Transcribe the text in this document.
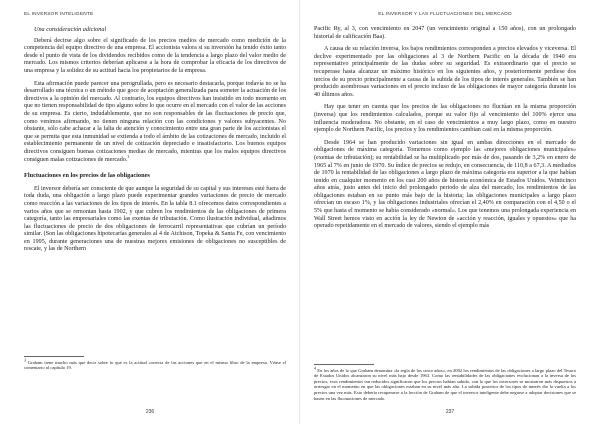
EL INVERSOR INTELIGENTE
Una consideración adicional

Deberá decirse algo sobre el significado de los precios medios de mercado como medición de la competencia del equipo directivo de una empresa. El accionista valora si su inversión ha tenido éxito tanto desde el punto de vista de los dividendos recibidos como de la tendencia a largo plazo del valor medio de mercado. Los mismos criterios deberían aplicarse a la hora de comprobar la eficacia de los directivos de una empresa y la solidez de su actitud hacia los propietarios de la empresa.

Esta afirmación puede parecer una perogrullada, pero es necesario destacarla, porque todavía no se ha desarrollado una técnica o un método que goce de aceptación generalizada para someter la actuación de los directivos a la opinión del mercado. Al contrario, los equipos directivos han insistido en todo momento en que no tienen responsabilidad de tipo alguno sobre lo que ocurre en el mercado con el valor de las acciones de su empresa. Es cierto, indudablemente, que no son responsables de las fluctuaciones de precio que, como venimos afirmando, no tienen ninguna relación con las condiciones y valores subyacentes. No obstante, sólo cabe achacar a la falta de atención y conocimiento entre una gran parte de los accionistas el que se permita que esta inmunidad se extienda a todo el ámbito de las cotizaciones de mercado, incluido el establecimiento permanente de un nivel de cotización depreciado e insatisfactorio. Los buenos equipos directivos consiguen buenas cotizaciones medias de mercado, mientras que los malos equipos directivos consiguen malas cotizaciones de mercado.$^3$

Fluctuaciones en los precios de las obligaciones

El inversor debería ser consciente de que aunque la seguridad de su capital y sus intereses esté fuera de toda duda, una obligación a largo plazo puede experimentar grandes variaciones de precio de mercado como reacción a las variaciones de los tipos de interés. En la tabla 8.1 ofrecemos datos correspondientes a varios años que se remontan hasta 1902, y que cubren los rendimientos de las obligaciones de primera categoría, tanto las empresariales como las exentas de tributación. Como ilustración individual, añadimos las fluctuaciones de precio de dos obligaciones de ferrocarril representativas que cubrían un período similar. (Son las obligaciones hipotecarias generales al 4 de Atchison, Topeka & Santa Fe, con vencimiento en 1995, durante generaciones una de nuestras mejores emisiones de obligaciones no susceptibles de rescate, y las de Northern

$^3$ Graham tiene mucho más que decir sobre lo que es la actitud correcta de las acciones que en el mismo libro de la empresa. Véase el comentario al capítulo 19.
236
EL INVERSOR Y LAS FLUCTUACIONES DEL MERCADO

Pacific Ry, al 3, con vencimiento en 2047 (un vencimiento original a 150 años), con un prolongado historial de calificación Baa).

A causa de su relación inversa, los bajos rendimientos corresponden a precios elevados y viceversa. El declive experimentado por las obligaciones al 3 de Northern Pacific en la década de 1940 era representativo principalmente de las dudas sobre su seguridad. Es extraordinario que el precio se recuperase hasta alcanzar un máximo histórico en los siguientes años, y posteriormente perdiese dos tercios de su precio principalmente a causa de la subida de los tipos de interés generales. También se han producido asombrosas variaciones en el precio incluso de las obligaciones de mayor categoría durante los 40 últimos años.

Hay que tener en cuenta que los precios de las obligaciones no fluctúan en la misma proporción (inversa) que los rendimientos calculados, porque su valor fijo al vencimiento del 100% ejerce una influencia moderadora. No obstante, en el caso de vencimientos a muy largo plazo, como en nuestro ejemplo de Northern Pacific, los precios y los rendimientos cambian casi en la misma proporción.

Desde 1964 se han producido variaciones sin igual en ambas direcciones en el mercado de obligaciones de máxima categoría. Tomemos como ejemplo las «mejores obligaciones municipales» (exentas de tributación); su rentabilidad se ha multiplicado por más de dos, pasando de 3,2% en enero de 1965 al 7% en junio de 1970. Su índice de precios se redujo, en consecuencia, de 110,8 a 67,3. A mediados de 1970 la rentabilidad de las obligaciones a largo plazo de máxima categoría era superior a la que habían tenido en cualquier momento en los casi 200 años de historia económica de Estados Unidos. Veinticinco años atrás, justo antes del inicio del prolongado periodo de alza del mercado, los rendimientos de las obligaciones estaban en su punto más bajo de la historia; las obligaciones municipales a largo plazo ofrecían un escaso 1%, y las obligaciones industriales ofrecían el 2,40% en comparación con el 4,50 o el 5% que hasta el momento se había considerado «normal». Los que tenemos una prolongada experiencia en Wall Street hemos visto en acción la ley de Newton de «acción y reacción, iguales y opuestos» que ha operado repetidamente en el mercado de valores, siendo el ejemplo más

$^4$ En los años de lo que Graham denomina «la regla de los cinco años», en 2002 los rendimientos de las obligaciones a largo plazo del Tesoro de Estados Unidos alcanzaron su nivel más bajo desde 1963. Como las rentabilidades de las obligaciones evolucionan a la inversa de los precios, esos rendimientos tan reducidos significaron que los precios habían subido, con lo que los inversores se mostraron más dispuestos a arriesgar en el momento en que las obligaciones estaban en su nivel más alto. La subida posterior de los tipos de interés dio la vuelta a los precios una vez más. Esto debería recuperarse a la lección de Graham de que el inversor inteligente debe negarse a adoptar decisiones que se basen en las fluctuaciones de mercado.
237
